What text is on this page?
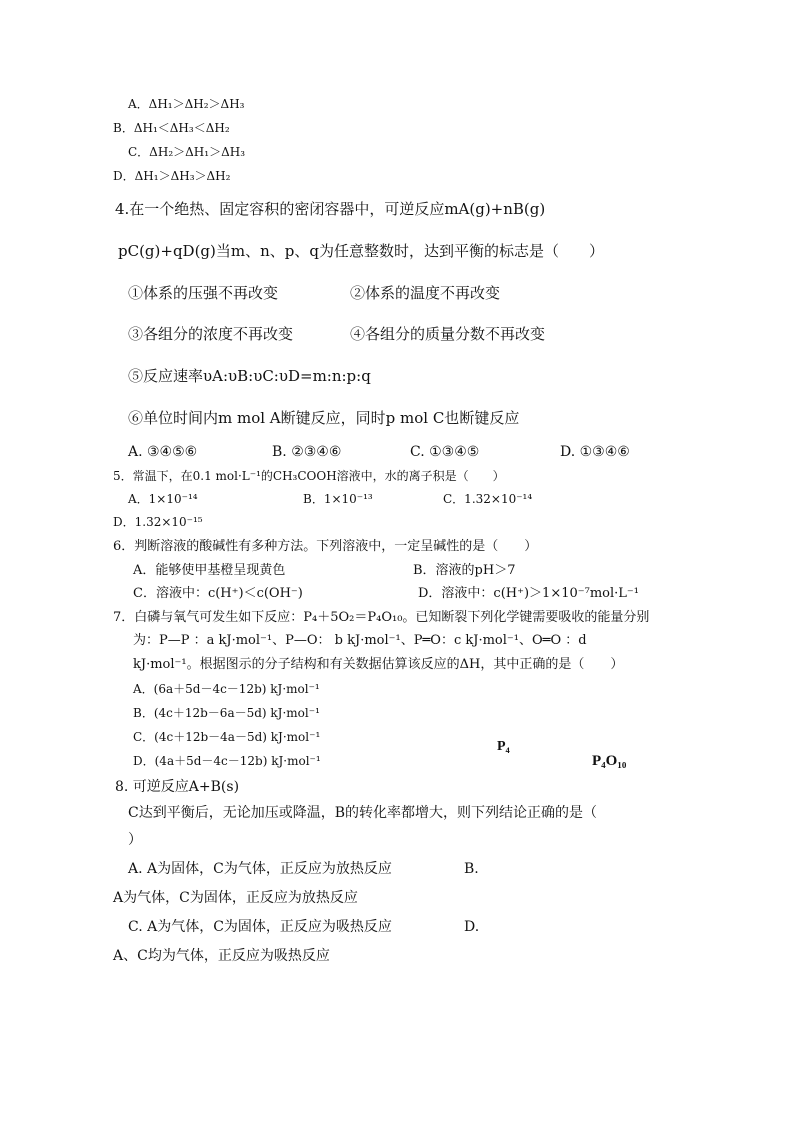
A．ΔH₁＞ΔH₂＞ΔH₃
B．ΔH₁＜ΔH₃＜ΔH₂
C．ΔH₂＞ΔH₁＞ΔH₃
D．ΔH₁＞ΔH₃＞ΔH₂
4.在一个绝热、固定容积的密闭容器中，可逆反应mA(g)+nB(g)
pC(g)+qD(g)当m、n、p、q为任意整数时，达到平衡的标志是（　　）
①体系的压强不再改变	②体系的温度不再改变
③各组分的浓度不再改变	④各组分的质量分数不再改变
⑤反应速率υA:υB:υC:υD=m:n:p:q
⑥单位时间内m mol A断键反应，同时p mol C也断键反应
A. ③④⑤⑥	B. ②③④⑥	C. ①③④⑤	D. ①③④⑥
5．常温下，在0.1 mol·L⁻¹的CH₃COOH溶液中，水的离子积是（　　）
A．1×10⁻¹⁴	B．1×10⁻¹³	C．1.32×10⁻¹⁴
D．1.32×10⁻¹⁵
6．判断溶液的酸碱性有多种方法。下列溶液中，一定呈碱性的是（　　）
A．能够使甲基橙呈现黄色	B．溶液的pH＞7
C．溶液中：c(H⁺)＜c(OH⁻)	D．溶液中：c(H⁺)＞1×10⁻⁷mol·L⁻¹
7．白磷与氧气可发生如下反应：P₄＋5O₂＝P₄O₁₀。已知断裂下列化学键需要吸收的能量分别
为：P—P ：a kJ·mol⁻¹、P—O： b kJ·mol⁻¹、P═O：c kJ·mol⁻¹、O═O ：d
kJ·mol⁻¹。根据图示的分子结构和有关数据估算该反应的ΔH，其中正确的是（　　）
A．(6a＋5d－4c－12b) kJ·mol⁻¹
B．(4c＋12b－6a－5d) kJ·mol⁻¹
C．(4c＋12b－4a－5d) kJ·mol⁻¹
D．(4a＋5d－4c－12b) kJ·mol⁻¹
P₄
P₄O₁₀
8. 可逆反应A+B(s)
C达到平衡后，无论加压或降温，B的转化率都增大，则下列结论正确的是（
）
A. A为固体，C为气体，正反应为放热反应	B.
A为气体，C为固体，正反应为放热反应
C. A为气体，C为固体，正反应为吸热反应	D.
A、C均为气体，正反应为吸热反应
